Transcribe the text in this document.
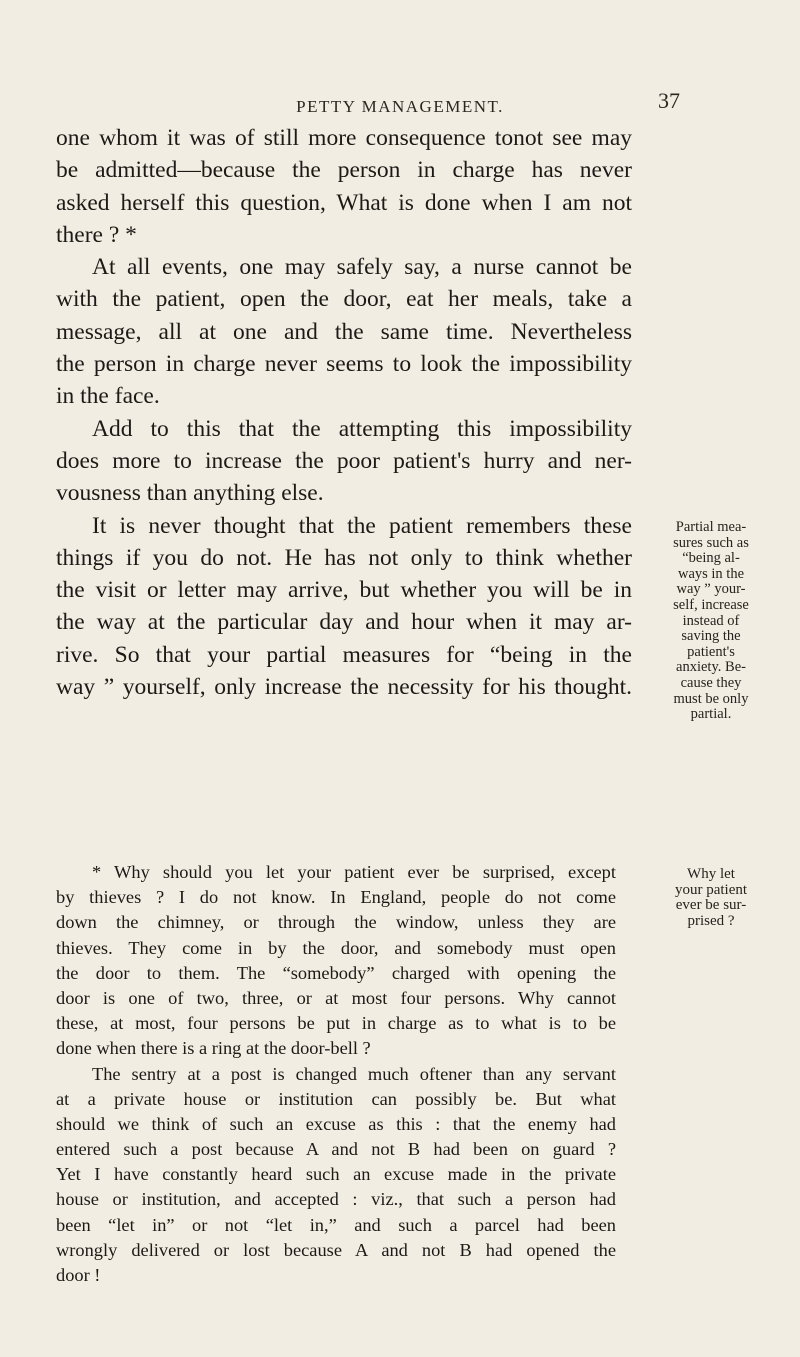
PETTY MANAGEMENT.	37
one whom it was of still more consequence tonot see may
be admitted—because the person in charge has never
asked herself this question, What is done when I am not
there ? *
At all events, one may safely say, a nurse cannot be
with the patient, open the door, eat her meals, take a
message, all at one and the same time. Nevertheless
the person in charge never seems to look the impossibility
in the face.
Add to this that the attempting this impossibility
does more to increase the poor patient's hurry and ner-
vousness than anything else.
It is never thought that the patient remembers these
things if you do not. He has not only to think whether
the visit or letter may arrive, but whether you will be in
the way at the particular day and hour when it may ar-
rive. So that your partial measures for “being in the
way ” yourself, only increase the necessity for his thought.
Partial mea-
sures such as
“being al-
ways in the
way ” your-
self, increase
instead of
saving the
patient's
anxiety. Be-
cause they
must be only
partial.
* Why should you let your patient ever be surprised, except
by thieves ? I do not know. In England, people do not come
down the chimney, or through the window, unless they are
thieves. They come in by the door, and somebody must open
the door to them. The “somebody” charged with opening the
door is one of two, three, or at most four persons. Why cannot
these, at most, four persons be put in charge as to what is to be
done when there is a ring at the door-bell ?
The sentry at a post is changed much oftener than any servant
at a private house or institution can possibly be. But what
should we think of such an excuse as this : that the enemy had
entered such a post because A and not B had been on guard ?
Yet I have constantly heard such an excuse made in the private
house or institution, and accepted : viz., that such a person had
been “let in” or not “let in,” and such a parcel had been
wrongly delivered or lost because A and not B had opened the
door !
Why let
your patient
ever be sur-
prised ?
